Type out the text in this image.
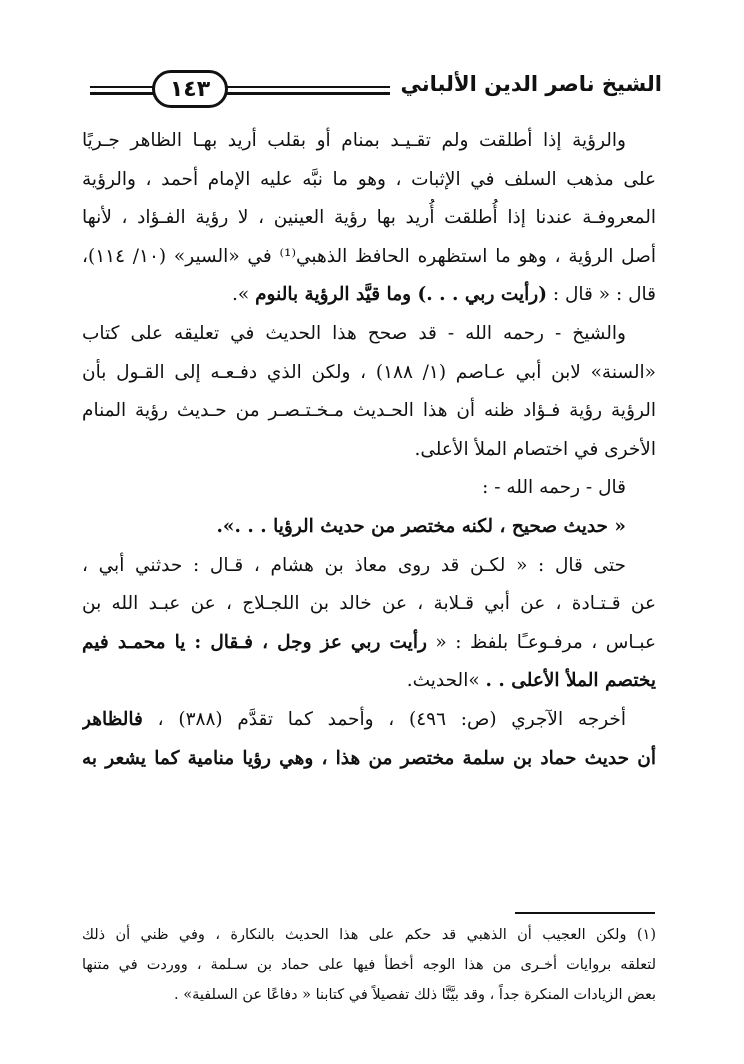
١٤٣	الشيخ ناصر الدين الألباني

والرؤية إذا أطلقت ولم تقـيـد بمنام أو بقلب أريد بهـا الظاهر جـريًا
على مذهب السلف في الإثبات ، وهو ما نبَّه عليه الإمام أحمد ، والرؤية
المعروفـة عندنا إذا أُطلقت أُريد بها رؤية العينين ، لا رؤية الفـؤاد ، لأنها
أصل الرؤية ، وهو ما استظهره الحافظ الذهبي⁽¹⁾ في «السير» (١٠/ ١١٤)،
قال : « قال : (رأيت ربي . . .) وما قيَّد الرؤية بالنوم ».

والشيخ - رحمه الله - قد صحح هذا الحديث في تعليقه على كتاب
«السنة» لابن أبي عـاصم (١/ ١٨٨) ، ولكن الذي دفـعـه إلى القـول بأن
الرؤية رؤية فـؤاد ظنه أن هذا الحـديث مـخـتـصـر من حـديث رؤية المنام
الأخرى في اختصام الملأ الأعلى.

قال - رحمه الله - :

« حديث صحيح ، لكنه مختصر من حديث الرؤيا . . .».

حتى قال : « لكـن قد روى معاذ بن هشام ، قـال : حدثني أبي ،
عن قـتـادة ، عن أبي قـلابة ، عن خالد بن اللجـلاج ، عن عبـد الله بن
عبـاس ، مرفـوعـًا بلفظ : « رأيت ربي عز وجل ، فـقال : يا محمـد فيم
يختصم الملأ الأعلى . . »الحديث.

أخرجه الآجري (ص: ٤٩٦) ، وأحمد كما تقدَّم (٣٨٨) ، فالظاهر
أن حديث حماد بن سلمة مختصر من هذا ، وهي رؤيا منامية كما يشعر به

(١) ولكن العجيب أن الذهبي قد حكم على هذا الحديث بالنكارة ، وفي ظني أن ذلك
لتعلقه بروايات أخـرى من هذا الوجه أخطأ فيها على حماد بن سـلمة ، ووردت في متنها
بعض الزيادات المنكرة جداً ، وقد بيَّنَّا ذلك تفصيلاً في كتابنا « دفاعًا عن السلفية» .
